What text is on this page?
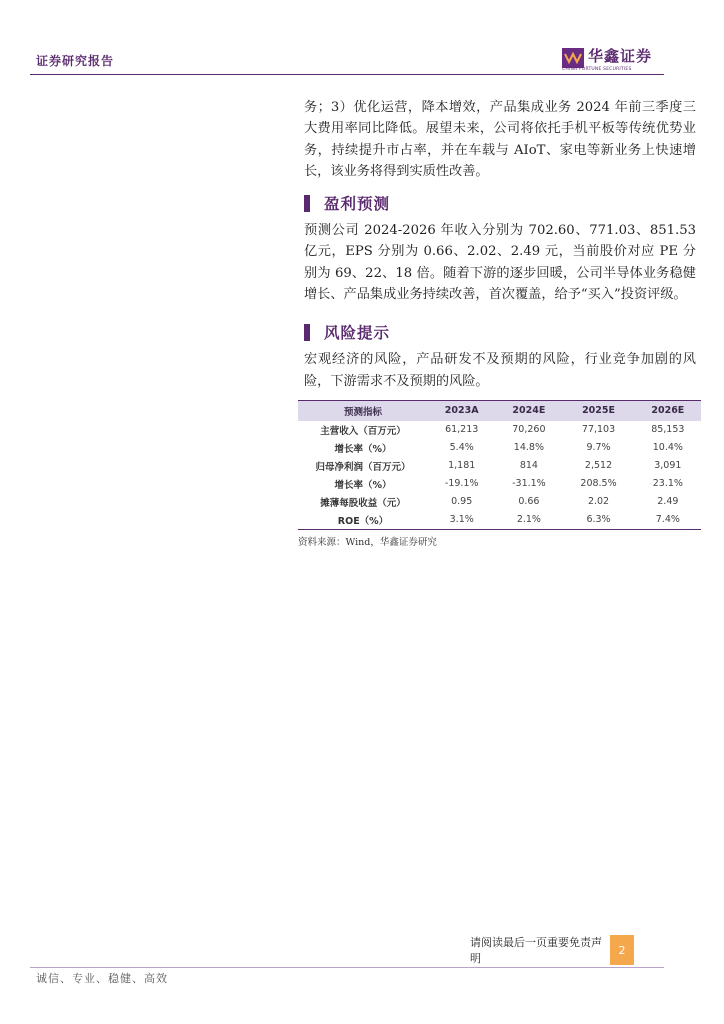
证券研究报告	华鑫证券
CHINA FORTUNE SECURITIES

务；3）优化运营，降本增效，产品集成业务 2024 年前三季度三大费用率同比降低。展望未来，公司将依托手机平板等传统优势业务，持续提升市占率，并在车载与 AIoT、家电等新业务上快速增长，该业务将得到实质性改善。

盈利预测

预测公司 2024-2026 年收入分别为 702.60、771.03、851.53 亿元，EPS 分别为 0.66、2.02、2.49 元，当前股价对应 PE 分别为 69、22、18 倍。随着下游的逐步回暖，公司半导体业务稳健增长、产品集成业务持续改善，首次覆盖，给予“买入”投资评级。

风险提示

宏观经济的风险，产品研发不及预期的风险，行业竞争加剧的风险，下游需求不及预期的风险。

预测指标	2023A	2024E	2025E	2026E
主营收入（百万元）	61,213	70,260	77,103	85,153
增长率（%）	5.4%	14.8%	9.7%	10.4%
归母净利润（百万元）	1,181	814	2,512	3,091
增长率（%）	-19.1%	-31.1%	208.5%	23.1%
摊薄每股收益（元）	0.95	0.66	2.02	2.49
ROE（%）	3.1%	2.1%	6.3%	7.4%
资料来源：Wind，华鑫证券研究
请阅读最后一页重要免责声明
2
诚信、专业、稳健、高效
